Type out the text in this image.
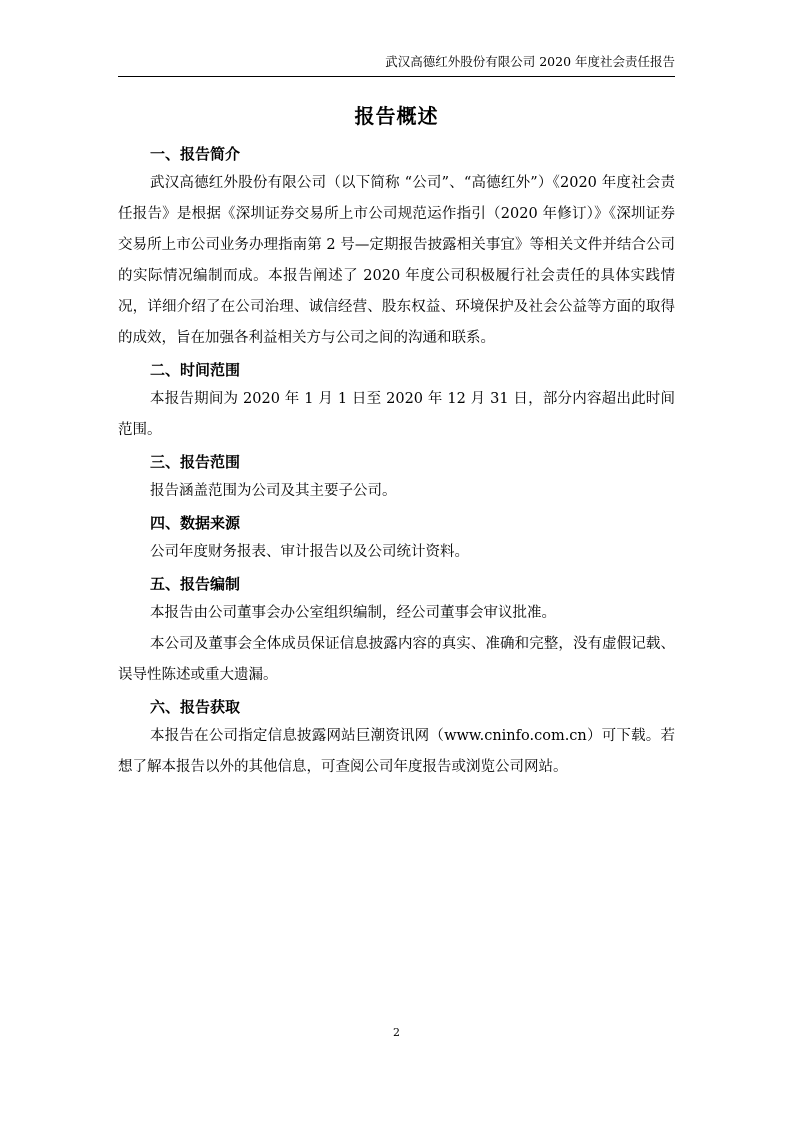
武汉高德红外股份有限公司 2020 年度社会责任报告
报告概述
一、报告简介

武汉高德红外股份有限公司（以下简称 “公司”、“高德红外”）《2020 年度社会责任报告》是根据《深圳证券交易所上市公司规范运作指引（2020 年修订）》《深圳证券交易所上市公司业务办理指南第 2 号—定期报告披露相关事宜》等相关文件并结合公司的实际情况编制而成。本报告阐述了 2020 年度公司积极履行社会责任的具体实践情况，详细介绍了在公司治理、诚信经营、股东权益、环境保护及社会公益等方面的取得的成效，旨在加强各利益相关方与公司之间的沟通和联系。

二、时间范围

本报告期间为 2020 年 1 月 1 日至 2020 年 12 月 31 日，部分内容超出此时间范围。

三、报告范围

报告涵盖范围为公司及其主要子公司。

四、数据来源

公司年度财务报表、审计报告以及公司统计资料。

五、报告编制

本报告由公司董事会办公室组织编制，经公司董事会审议批准。

本公司及董事会全体成员保证信息披露内容的真实、准确和完整，没有虚假记载、误导性陈述或重大遗漏。

六、报告获取

本报告在公司指定信息披露网站巨潮资讯网（www.cninfo.com.cn）可下载。若想了解本报告以外的其他信息，可查阅公司年度报告或浏览公司网站。

2
